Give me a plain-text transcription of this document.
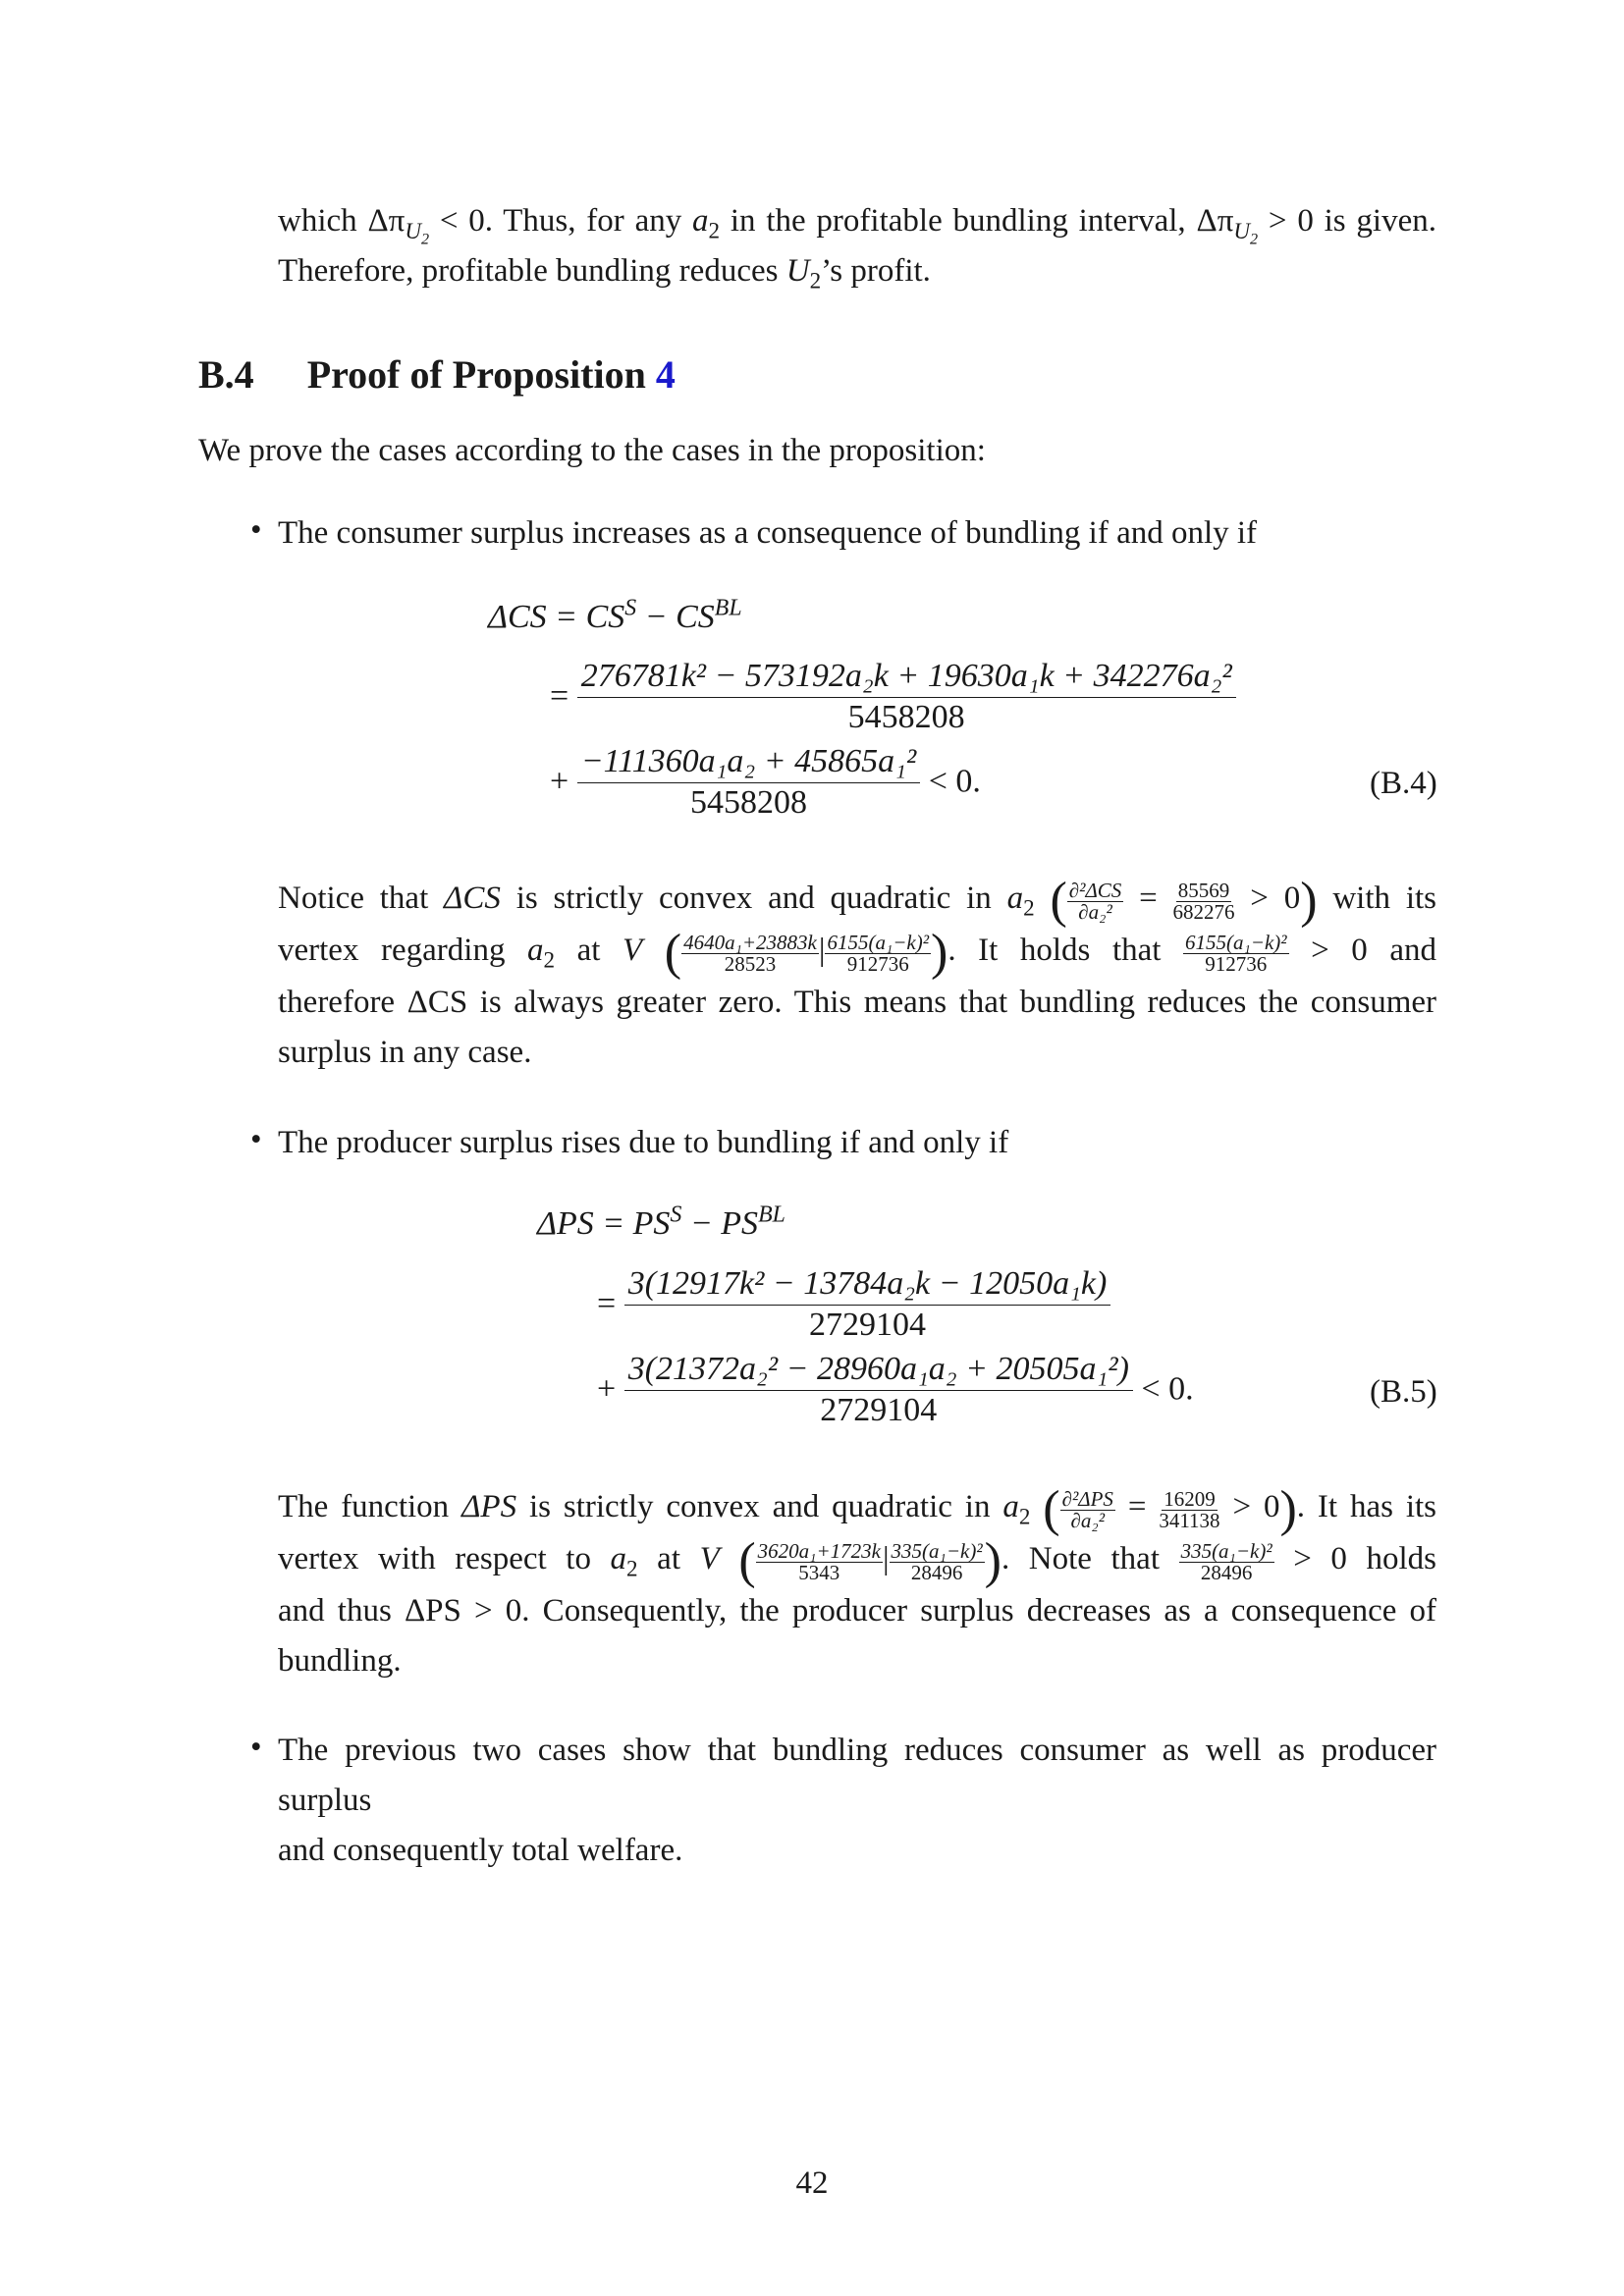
which $\Delta\pi_{U_2} < 0$. Thus, for any $a_2$ in the profitable bundling interval, $\Delta\pi_{U_2} > 0$ is given.

Therefore, profitable bundling reduces $U_2’s$ profit.

B.4 Proof of Proposition 4

We prove the cases according to the cases in the proposition:

• The consumer surplus increases as a consequence of bundling if and only if

$\Delta CS = CS^S - CS^{BL}$
= $\frac{\text{276781k² − 573192a₂k + 19630a₁k + 342276a₂²}}{5458208}$
+ $\frac{\text{−111360a₁a₂ + 45865a₁²}}{5458208} < 0$.	(B.4)

Notice that ΔCS is strictly convex and quadratic in $a_2$ ( $\frac{\text{∂²ΔCS}}{\text{∂a₂²}} = \frac{85569}{682276} > 0$) with its

vertex regarding $a_2$ at V ( $\frac{\text{4640a₁+23883k}}{28523}$ | $\frac{\text{6155(a₁−k)²}}{912736}$ ). It holds that $\frac{\text{6155(a₁−k)²}}{912736} > 0$ and

therefore ΔCS is always greater zero. This means that bundling reduces the consumer

surplus in any case.

• The producer surplus rises due to bundling if and only if

$\Delta PS = PS^S - PS^{BL}$
= $\frac{\text{3(12917k² − 13784a₂k − 12050a₁k)}}{2729104}$
+ $\frac{\text{3(21372a₂² − 28960a₁a₂ + 20505a₁²)}}{2729104} < 0$.	(B.5)

The function ΔPS is strictly convex and quadratic in $a_2$ ( $\frac{\text{∂²ΔPS}}{\text{∂a₂²}} = \frac{16209}{341138} > 0$). It has its

vertex with respect to $a_2$ at V ( $\frac{\text{3620a₁+1723k}}{5343}$ | $\frac{\text{335(a₁−k)²}}{28496}$ ). Note that $\frac{\text{335(a₁−k)²}}{28496} > 0$ holds

and thus ΔPS > 0. Consequently, the producer surplus decreases as a consequence of

bundling.

• The previous two cases show that bundling reduces consumer as well as producer surplus

and consequently total welfare.

42
